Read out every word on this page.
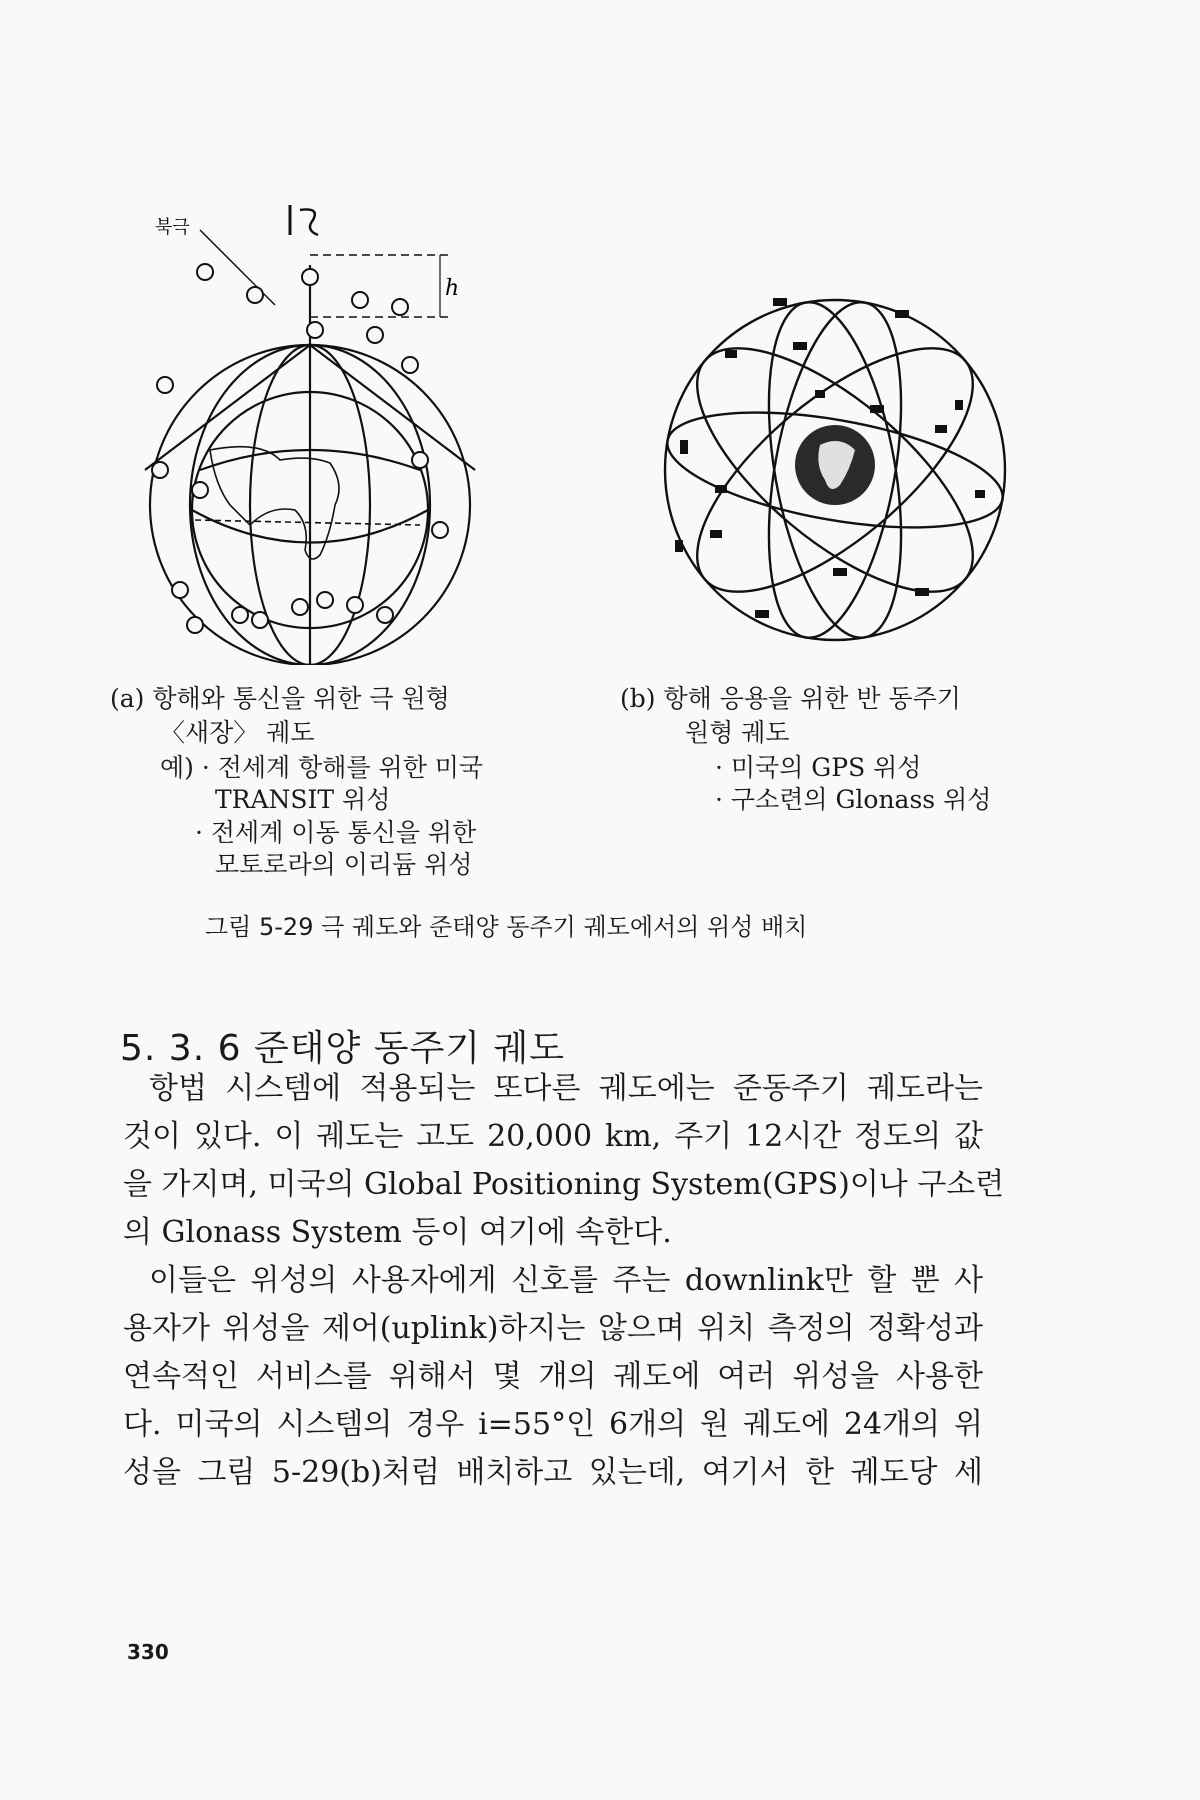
북극
h
(a) 항해와 통신을 위한 극 원형
〈새장〉 궤도
예) · 전세계 항해를 위한 미국
TRANSIT 위성
· 전세계 이동 통신을 위한
모토로라의 이리듐 위성
(b) 항해 응용을 위한 반 동주기
원형 궤도
· 미국의 GPS 위성
· 구소련의 Glonass 위성
그림 5-29 극 궤도와 준태양 동주기 궤도에서의 위성 배치
5. 3. 6 준태양 동주기 궤도
항법 시스템에 적용되는 또다른 궤도에는 준동주기 궤도라는
것이 있다. 이 궤도는 고도 20,000 km, 주기 12시간 정도의 값
을 가지며, 미국의 Global Positioning System(GPS)이나 구소련
의 Glonass System 등이 여기에 속한다.
이들은 위성의 사용자에게 신호를 주는 downlink만 할 뿐 사
용자가 위성을 제어(uplink)하지는 않으며 위치 측정의 정확성과
연속적인 서비스를 위해서 몇 개의 궤도에 여러 위성을 사용한
다. 미국의 시스템의 경우 i=55°인 6개의 원 궤도에 24개의 위
성을 그림 5-29(b)처럼 배치하고 있는데, 여기서 한 궤도당 세
330
